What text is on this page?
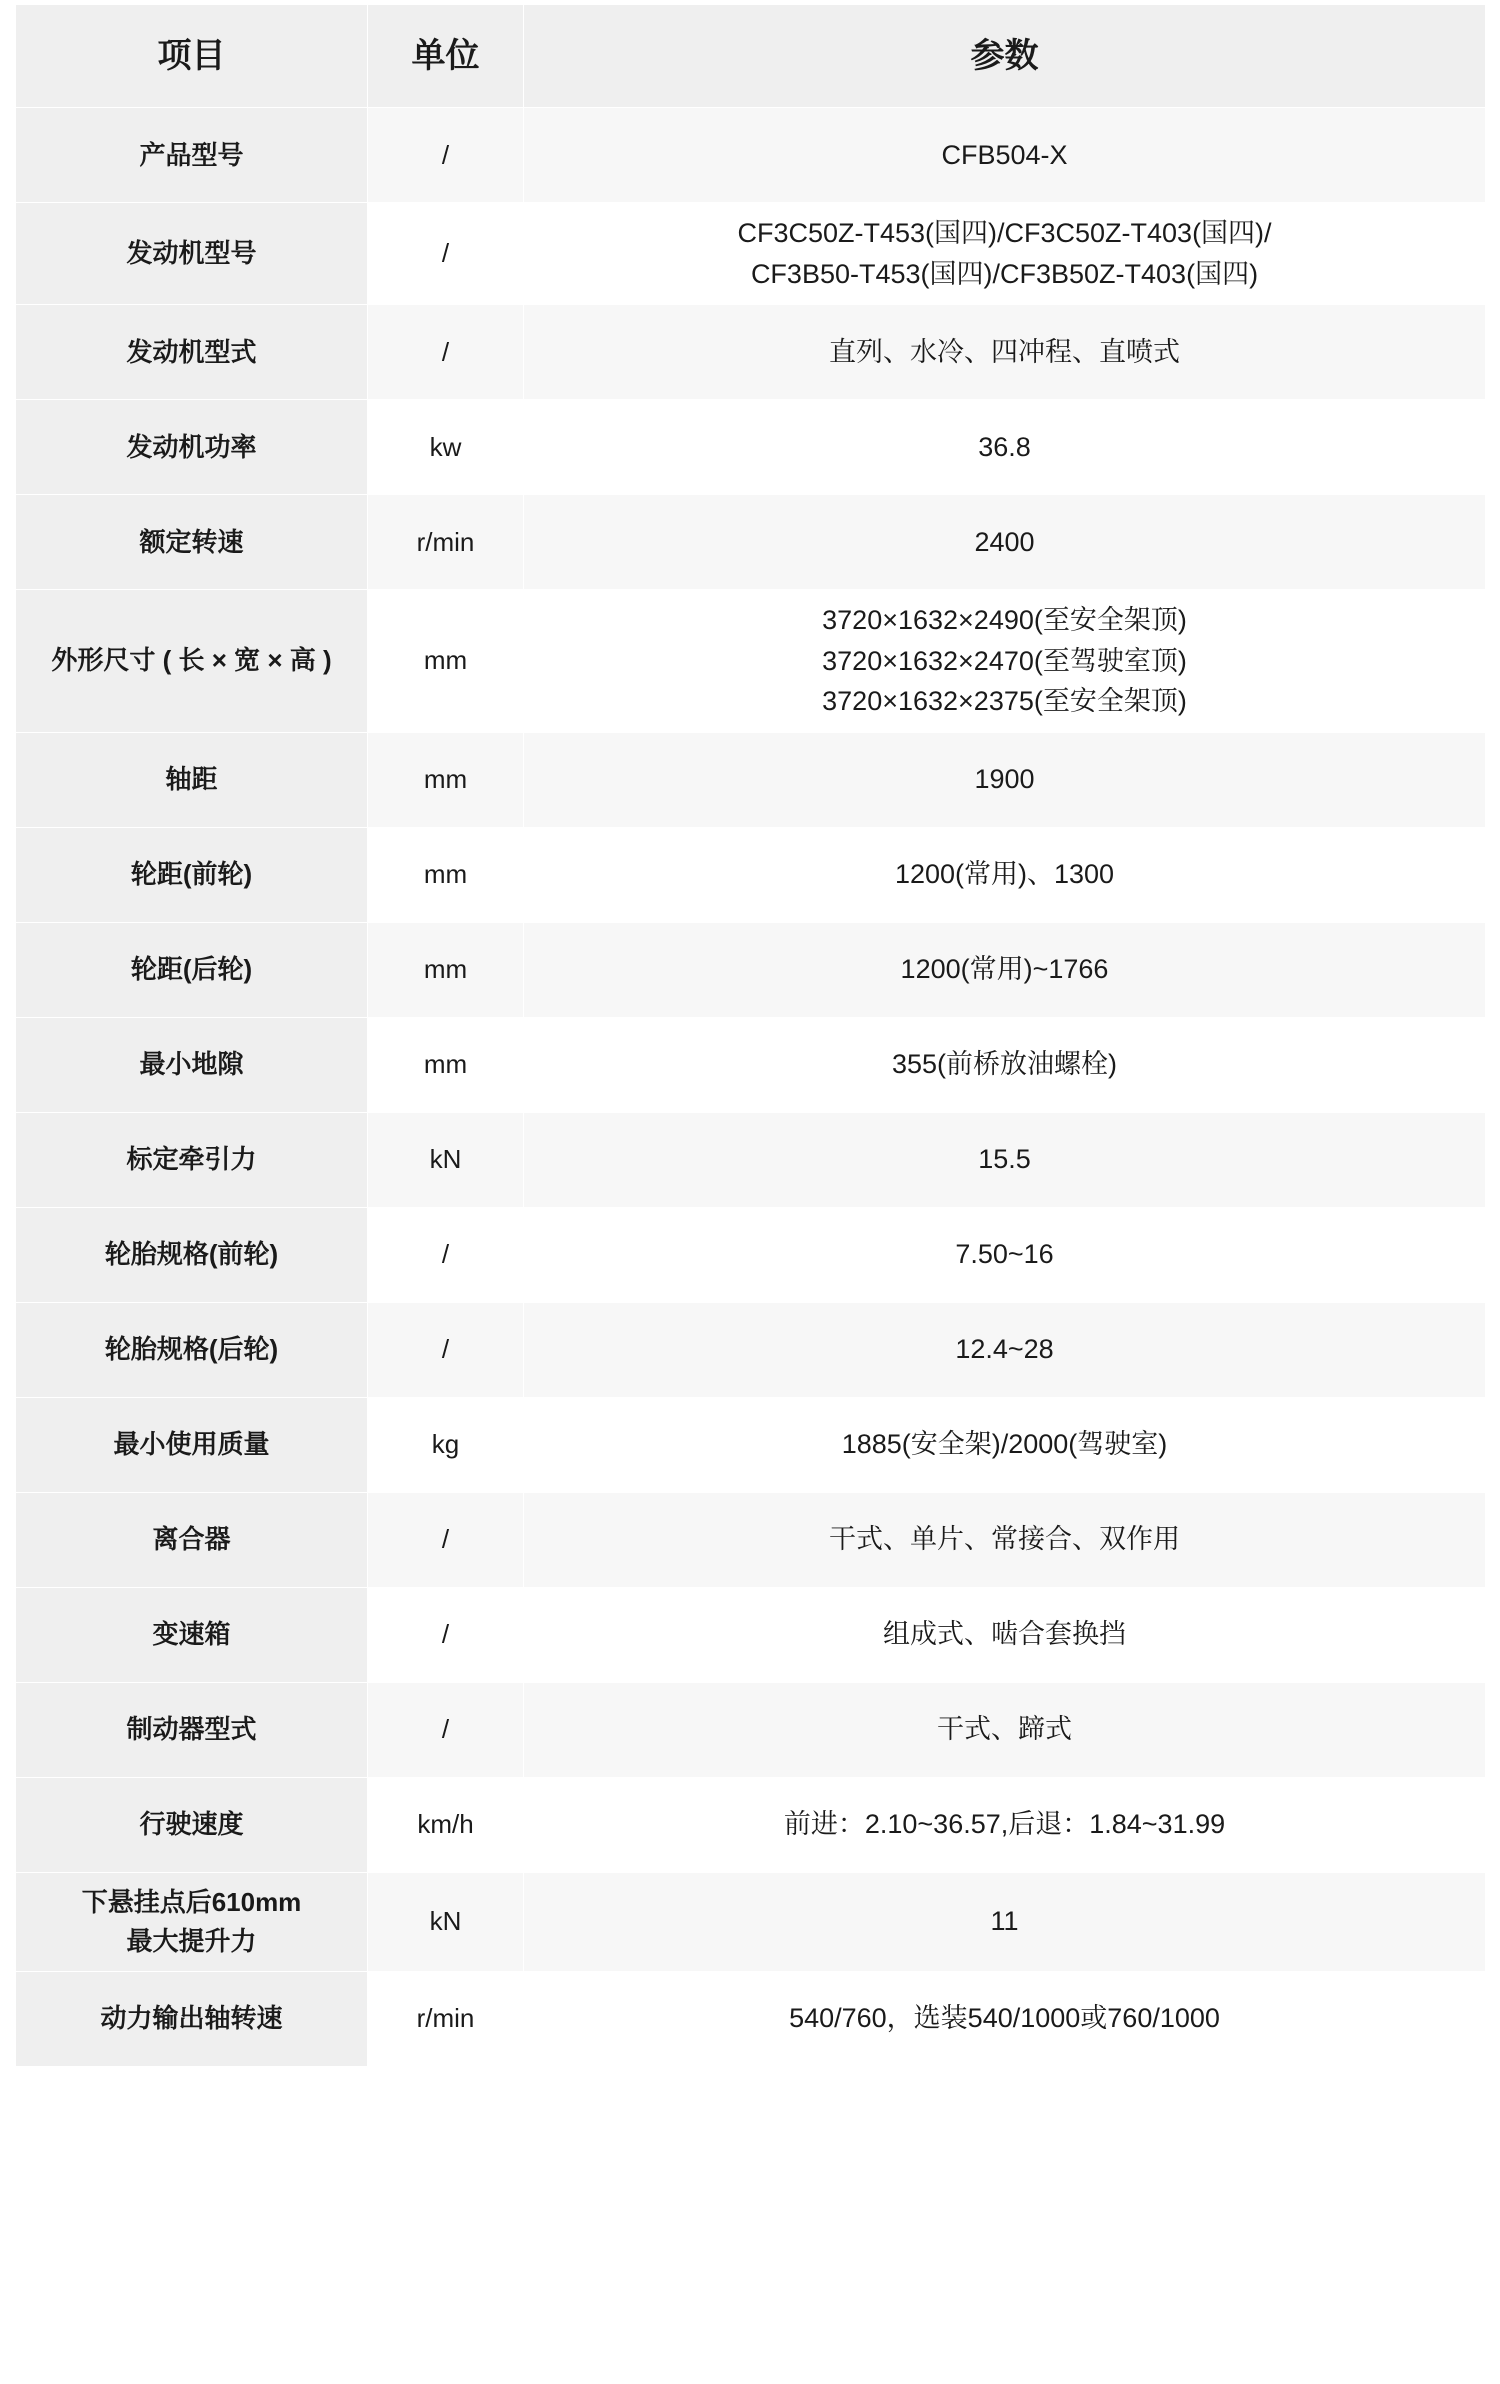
项目	单位	参数

产品型号	/	CFB504-X

发动机型号	/	CF3C50Z-T453(国四)/CF3C50Z-T403(国四)/
CF3B50-T453(国四)/CF3B50Z-T403(国四)

发动机型式	/	直列、水冷、四冲程、直喷式

发动机功率	kw	36.8

额定转速	r/min	2400

外形尺寸 ( 长 × 宽 × 高 )	mm	3720×1632×2490(至安全架顶)
3720×1632×2470(至驾驶室顶)
3720×1632×2375(至安全架顶)

轴距	mm	1900

轮距(前轮)	mm	1200(常用)、1300

轮距(后轮)	mm	1200(常用)~1766

最小地隙	mm	355(前桥放油螺栓)

标定牵引力	kN	15.5

轮胎规格(前轮)	/	7.50~16

轮胎规格(后轮)	/	12.4~28

最小使用质量	kg	1885(安全架)/2000(驾驶室)

离合器	/	干式、单片、常接合、双作用

变速箱	/	组成式、啮合套换挡

制动器型式	/	干式、蹄式

行驶速度	km/h	前进：2.10~36.57,后退：1.84~31.99

下悬挂点后610mm
最大提升力	kN	11

动力输出轴转速	r/min	540/760，选装540/1000或760/1000
